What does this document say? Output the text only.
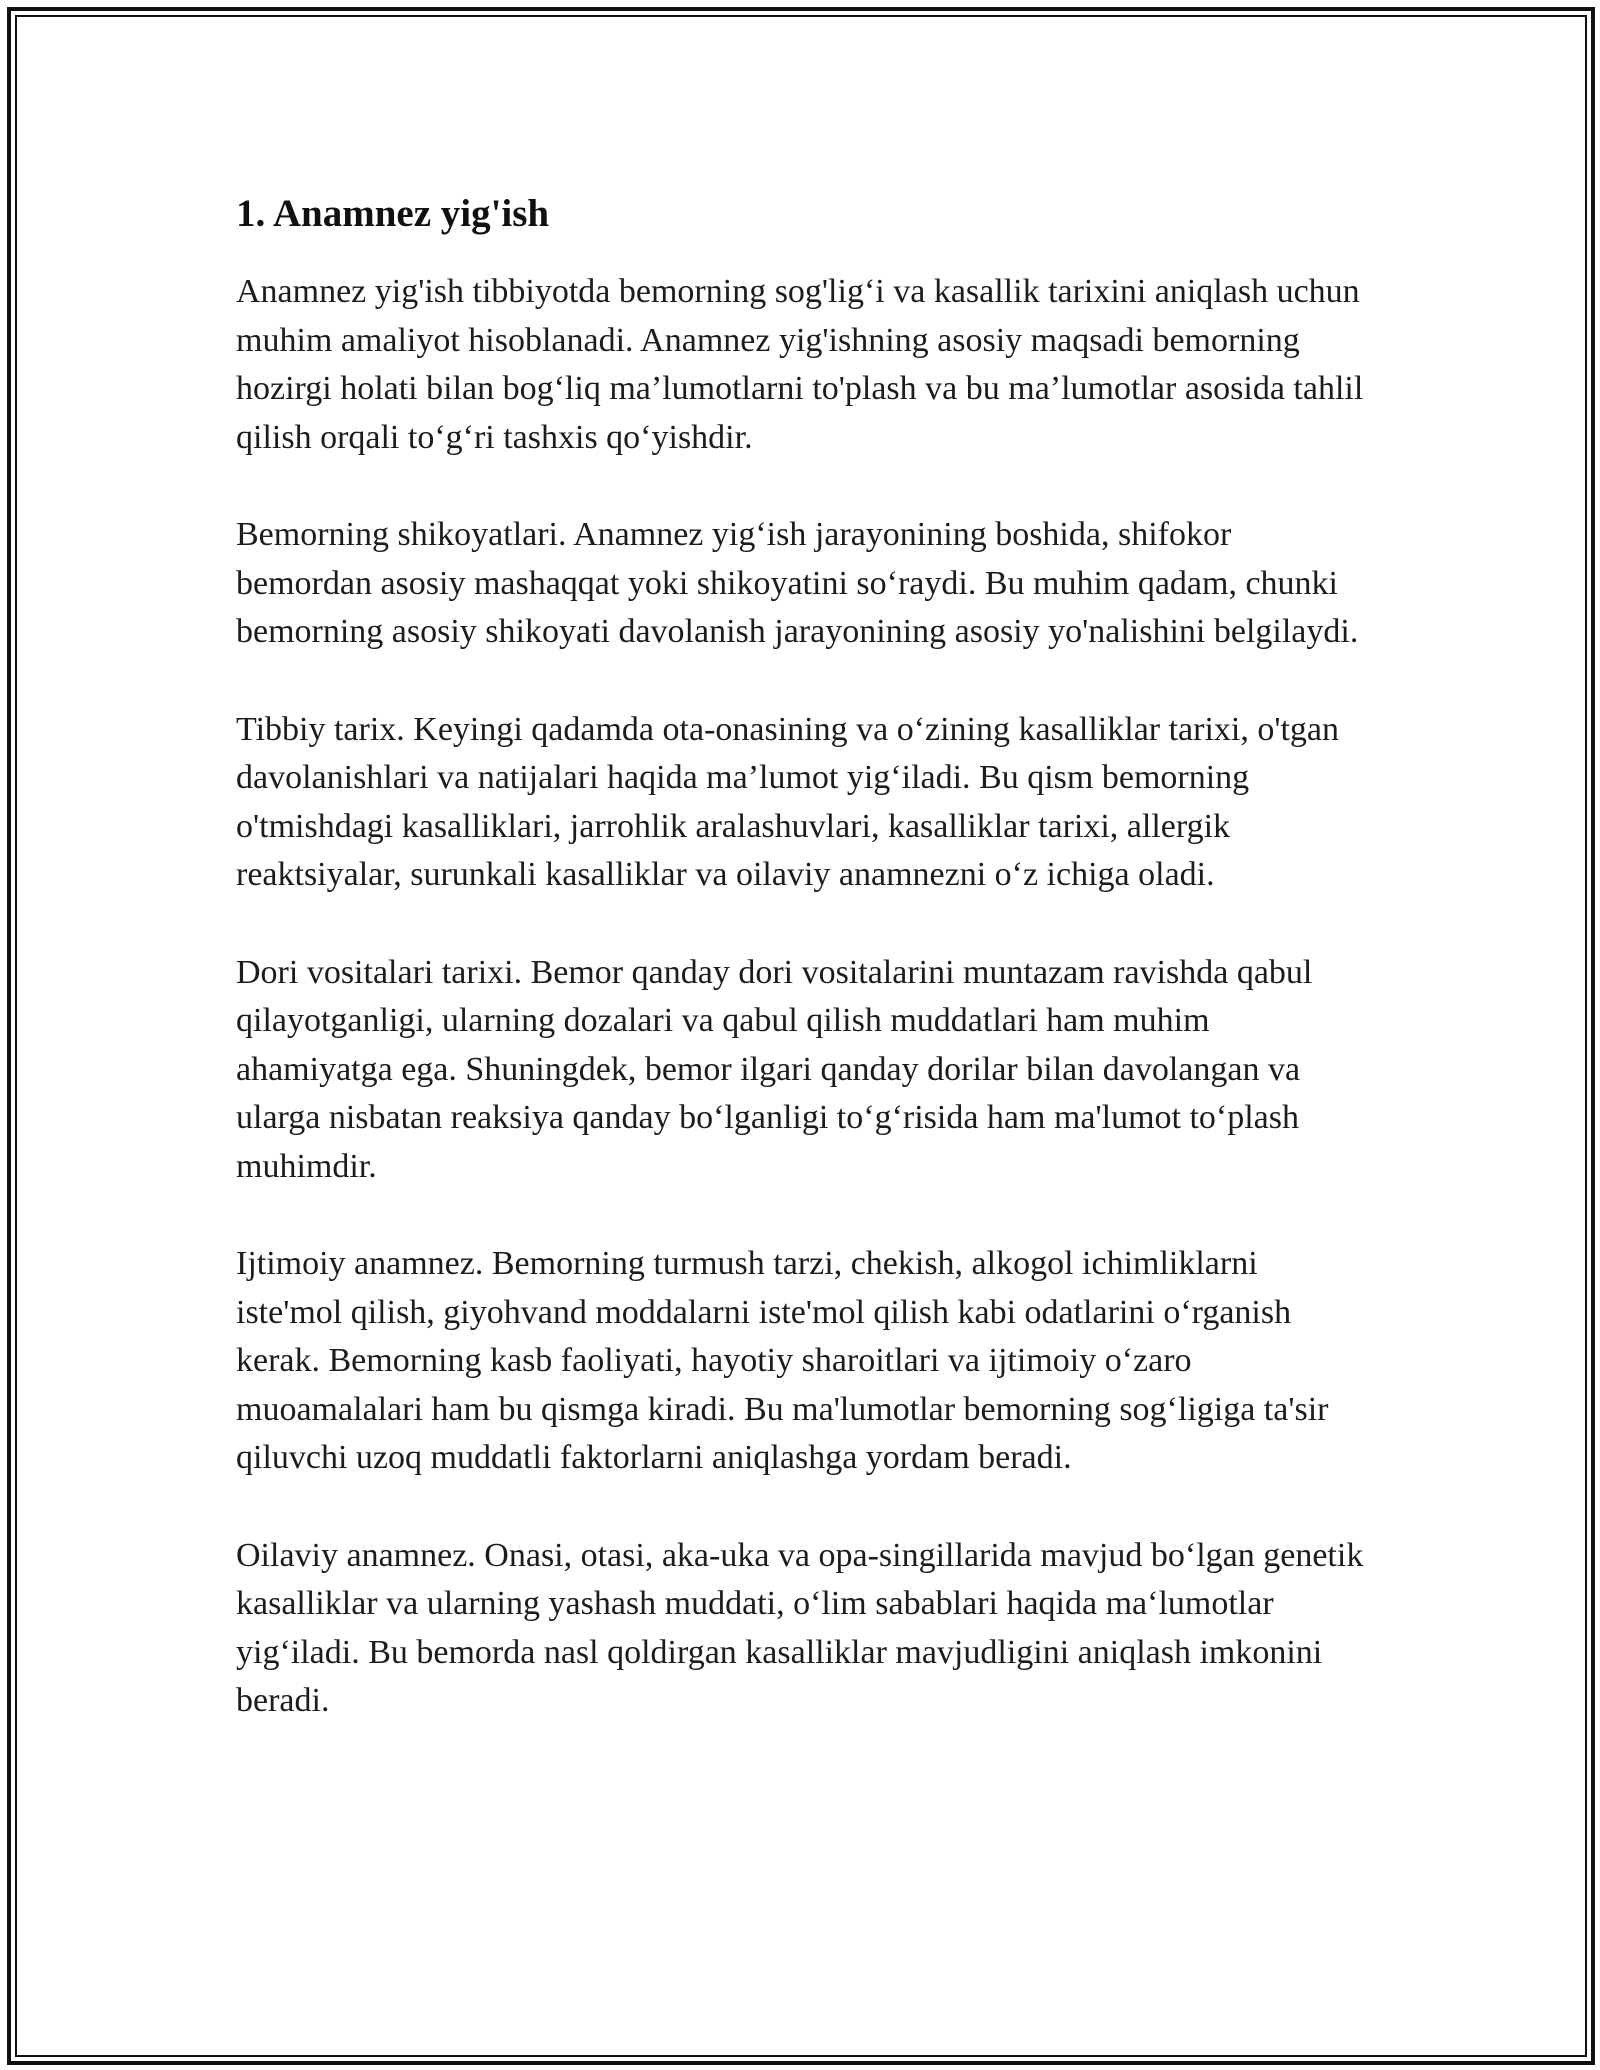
1. Anamnez yig'ish

Anamnez yig'ish tibbiyotda bemorning sog'lig‘i va kasallik tarixini aniqlash uchun muhim amaliyot hisoblanadi. Anamnez yig'ishning asosiy maqsadi bemorning hozirgi holati bilan bog‘liq ma’lumotlarni to'plash va bu ma’lumotlar asosida tahlil qilish orqali to‘g‘ri tashxis qo‘yishdir.

Bemorning shikoyatlari. Anamnez yig‘ish jarayonining boshida, shifokor bemordan asosiy mashaqqat yoki shikoyatini so‘raydi. Bu muhim qadam, chunki bemorning asosiy shikoyati davolanish jarayonining asosiy yo'nalishini belgilaydi.

Tibbiy tarix. Keyingi qadamda ota-onasining va o‘zining kasalliklar tarixi, o'tgan davolanishlari va natijalari haqida ma’lumot yig‘iladi. Bu qism bemorning o'tmishdagi kasalliklari, jarrohlik aralashuvlari, kasalliklar tarixi, allergik reaktsiyalar, surunkali kasalliklar va oilaviy anamnezni o‘z ichiga oladi.

Dori vositalari tarixi. Bemor qanday dori vositalarini muntazam ravishda qabul qilayotganligi, ularning dozalari va qabul qilish muddatlari ham muhim ahamiyatga ega. Shuningdek, bemor ilgari qanday dorilar bilan davolangan va ularga nisbatan reaksiya qanday bo‘lganligi to‘g‘risida ham ma'lumot to‘plash muhimdir.

Ijtimoiy anamnez. Bemorning turmush tarzi, chekish, alkogol ichimliklarni iste'mol qilish, giyohvand moddalarni iste'mol qilish kabi odatlarini o‘rganish kerak. Bemorning kasb faoliyati, hayotiy sharoitlari va ijtimoiy o‘zaro muoamalalari ham bu qismga kiradi. Bu ma'lumotlar bemorning sog‘ligiga ta'sir qiluvchi uzoq muddatli faktorlarni aniqlashga yordam beradi.

Oilaviy anamnez. Onasi, otasi, aka-uka va opa-singillarida mavjud bo‘lgan genetik kasalliklar va ularning yashash muddati, o‘lim sabablari haqida ma‘lumotlar yig‘iladi. Bu bemorda nasl qoldirgan kasalliklar mavjudligini aniqlash imkonini beradi.
